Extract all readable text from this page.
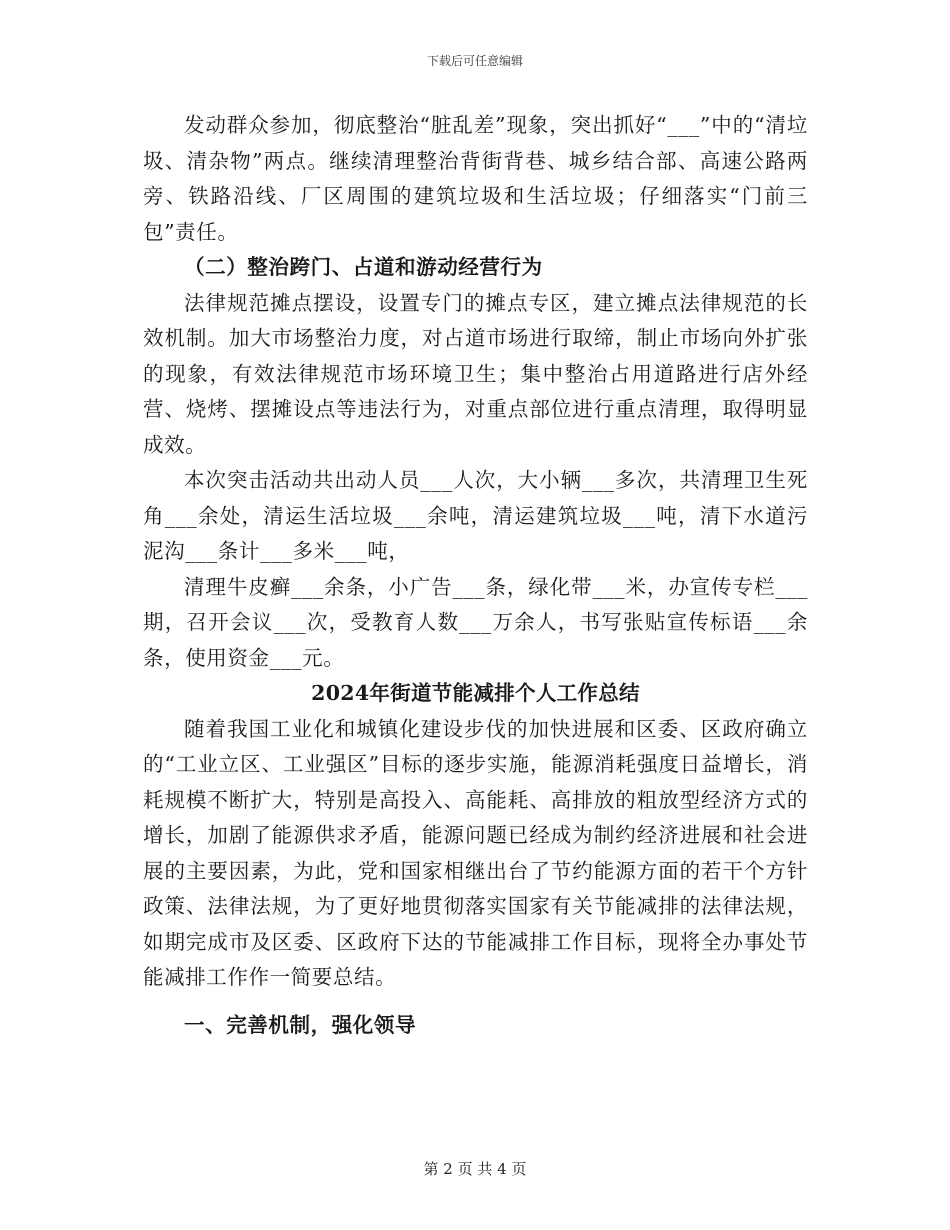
下载后可任意编辑

发动群众参加，彻底整治“脏乱差”现象，突出抓好“___”中的“清垃圾、清杂物”两点。继续清理整治背街背巷、城乡结合部、高速公路两旁、铁路沿线、厂区周围的建筑垃圾和生活垃圾；仔细落实“门前三包”责任。

（二）整治跨门、占道和游动经营行为

法律规范摊点摆设，设置专门的摊点专区，建立摊点法律规范的长效机制。加大市场整治力度，对占道市场进行取缔，制止市场向外扩张的现象，有效法律规范市场环境卫生；集中整治占用道路进行店外经营、烧烤、摆摊设点等违法行为，对重点部位进行重点清理，取得明显成效。

本次突击活动共出动人员___人次，大小辆___多次，共清理卫生死角___余处，清运生活垃圾___余吨，清运建筑垃圾___吨，清下水道污泥沟___条计___多米___吨，

清理牛皮癣___余条，小广告___条，绿化带___米，办宣传专栏___期，召开会议___次，受教育人数___万余人，书写张贴宣传标语___余条，使用资金___元。

2024年街道节能减排个人工作总结

随着我国工业化和城镇化建设步伐的加快进展和区委、区政府确立的“工业立区、工业强区”目标的逐步实施，能源消耗强度日益增长，消耗规模不断扩大，特别是高投入、高能耗、高排放的粗放型经济方式的增长，加剧了能源供求矛盾，能源问题已经成为制约经济进展和社会进展的主要因素，为此，党和国家相继出台了节约能源方面的若干个方针政策、法律法规，为了更好地贯彻落实国家有关节能减排的法律法规，如期完成市及区委、区政府下达的节能减排工作目标，现将全办事处节能减排工作作一简要总结。

一、完善机制，强化领导

第 2 页 共 4 页
